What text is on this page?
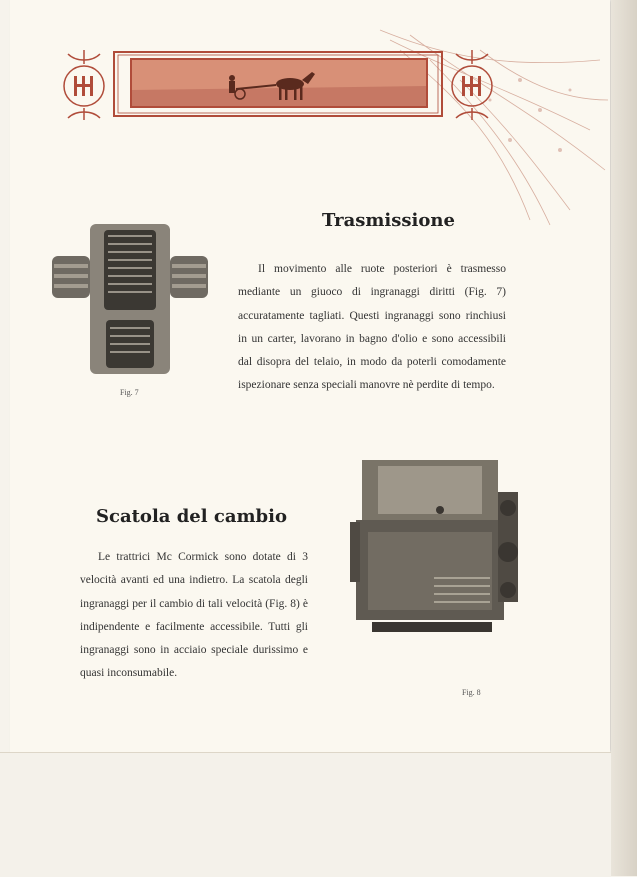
Trasmissione

Il movimento alle ruote posteriori è trasmesso mediante un giuoco di ingranaggi diritti (Fig. 7) accuratamente tagliati. Questi ingranaggi sono rinchiusi in un carter, lavorano in bagno d'olio e sono accessibili dal disopra del telaio, in modo da poterli comodamente ispezionare senza speciali manovre nè perdite di tempo.

Fig. 7

Scatola del cambio

Le trattrici Mc Cormick sono dotate di 3 velocità avanti ed una indietro. La scatola degli ingranaggi per il cambio di tali velocità (Fig. 8) è indipendente e facilmente accessibile. Tutti gli ingranaggi sono in acciaio speciale durissimo e quasi inconsumabile.

Fig. 8
